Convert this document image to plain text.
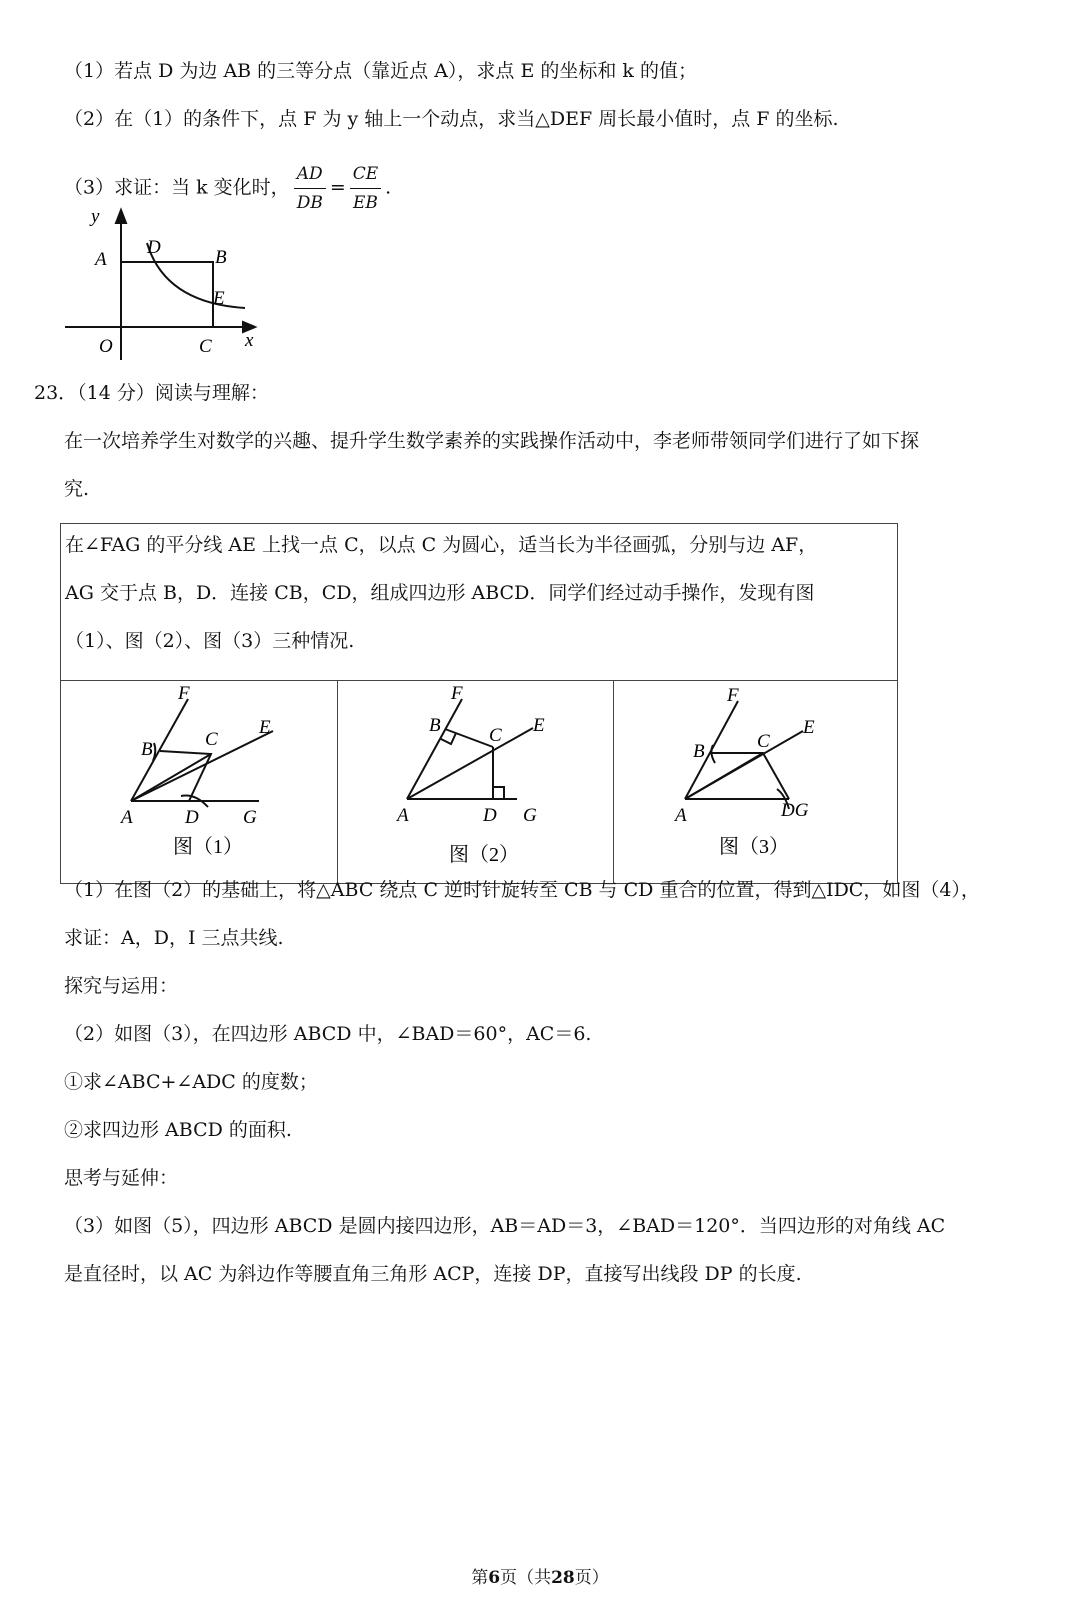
（1）若点 D 为边 AB 的三等分点（靠近点 A），求点 E 的坐标和 k 的值；
（2）在（1）的条件下，点 F 为 y 轴上一个动点，求当△DEF 周长最小值时，点 F 的坐标.
（3）求证：当 k 变化时， $\frac{AD}{DB} = \frac{CE}{EB}$ .
y
A
D	B
E
O	C x
23．（14 分）阅读与理解：
在一次培养学生对数学的兴趣、提升学生数学素养的实践操作活动中，李老师带领同学们进行了如下探
究.
在∠FAG 的平分线 AE 上找一点 C，以点 C 为圆心，适当长为半径画弧，分别与边 AF，
AG 交于点 B，D．连接 CB，CD，组成四边形 ABCD．同学们经过动手操作，发现有图
（1）、图（2）、图（3）三种情况.
F
B	C
E
A	D G
图（1）
F
B	C E
A	D G
图（2）
F
B	C
E
A	DG
图（3）
（1）在图（2）的基础上，将△ABC 绕点 C 逆时针旋转至 CB 与 CD 重合的位置，得到△IDC，如图（4），
求证：A，D，I 三点共线.
探究与运用：
（2）如图（3），在四边形 ABCD 中，∠BAD＝60°，AC＝6.
①求∠ABC+∠ADC 的度数；
②求四边形 ABCD 的面积.
思考与延伸：
（3）如图（5），四边形 ABCD 是圆内接四边形，AB＝AD＝3，∠BAD＝120°．当四边形的对角线 AC
是直径时，以 AC 为斜边作等腰直角三角形 ACP，连接 DP，直接写出线段 DP 的长度.
第6页（共28页）
